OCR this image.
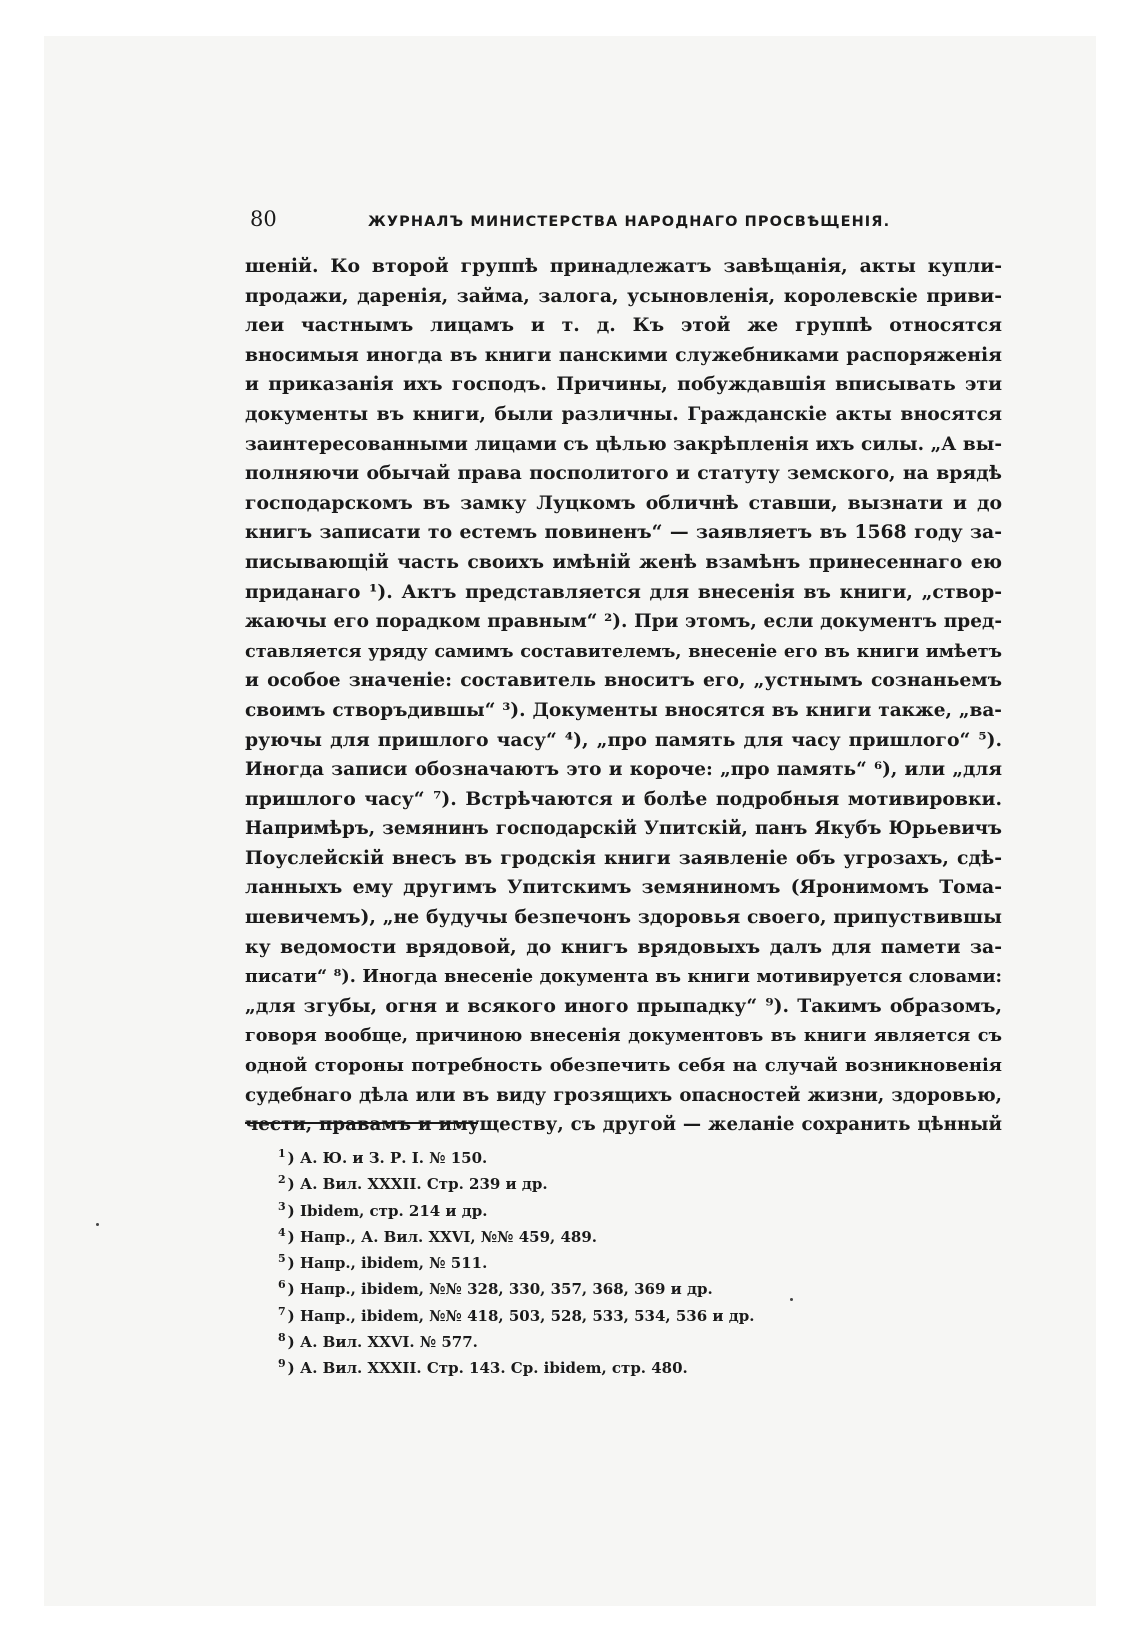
80	ЖУРНАЛЪ МИНИСТЕРСТВА НАРОДНАГО ПРОСВѢЩЕНІЯ.
шеній. Ко второй группѣ принадлежатъ завѣщанія, акты купли-
продажи, даренія, займа, залога, усыновленія, королевскіе приви-
леи частнымъ лицамъ и т. д. Къ этой же группѣ относятся
вносимыя иногда въ книги панскими служебниками распоряженія
и приказанія ихъ господъ. Причины, побуждавшія вписывать эти
документы въ книги, были различны. Гражданскіе акты вносятся
заинтересованными лицами съ цѣлью закрѣпленія ихъ силы. „А вы-
полняючи обычай права посполитого и статуту земского, на врядѣ
господарскомъ въ замку Луцкомъ обличнѣ ставши, вызнати и до
книгъ записати то естемъ повиненъ“ — заявляетъ въ 1568 году за-
писывающій часть своихъ имѣній женѣ взамѣнъ принесеннаго ею
приданаго ¹). Актъ представляется для внесенія въ книги, „створ-
жаючы его порадком правным“ ²). При этомъ, если документъ пред-
ставляется уряду самимъ составителемъ, внесеніе его въ книги имѣетъ
и особое значеніе: составитель вноситъ его, „устнымъ сознаньемъ
своимъ створъдившы“ ³). Документы вносятся въ книги также, „ва-
руючы для пришлого часу“ ⁴), „про память для часу пришлого“ ⁵).
Иногда записи обозначаютъ это и короче: „про память“ ⁶), или „для
пришлого часу“ ⁷). Встрѣчаются и болѣе подробныя мотивировки.
Напримѣръ, земянинъ господарскій Упитскій, панъ Якубъ Юрьевичъ
Поуслейскій внесъ въ гродскія книги заявленіе объ угрозахъ, сдѣ-
ланныхъ ему другимъ Упитскимъ земяниномъ (Яронимомъ Тома-
шевичемъ), „не будучы безпечонъ здоровья своего, припуствившы
ку ведомости врядовой, до книгъ врядовыхъ далъ для памети за-
писати“ ⁸). Иногда внесеніе документа въ книги мотивируется словами:
„для згубы, огня и всякого иного прыпадку“ ⁹). Такимъ образомъ,
говоря вообще, причиною внесенія документовъ въ книги является съ
одной стороны потребность обезпечить себя на случай возникновенія
судебнаго дѣла или въ виду грозящихъ опасностей жизни, здоровью,
чести, правамъ и имуществу, съ другой — желаніе сохранить цѣнный
$^1$ ) А. Ю. и З. Р. I. № 150.
$^2$ ) А. Вил. XXXII. Стр. 239 и др.
$^3$ ) Ibidem, стр. 214 и др.
$^4$ ) Напр., А. Вил. XXVI, №№ 459, 489.
$^5$ ) Напр., ibidem, № 511.
$^6$ ) Напр., ibidem, №№ 328, 330, 357, 368, 369 и др.
$^7$ ) Напр., ibidem, №№ 418, 503, 528, 533, 534, 536 и др.
$^8$ ) А. Вил. XXVI. № 577.
$^9$ ) А. Вил. XXXII. Стр. 143. Ср. ibidem, стр. 480.
